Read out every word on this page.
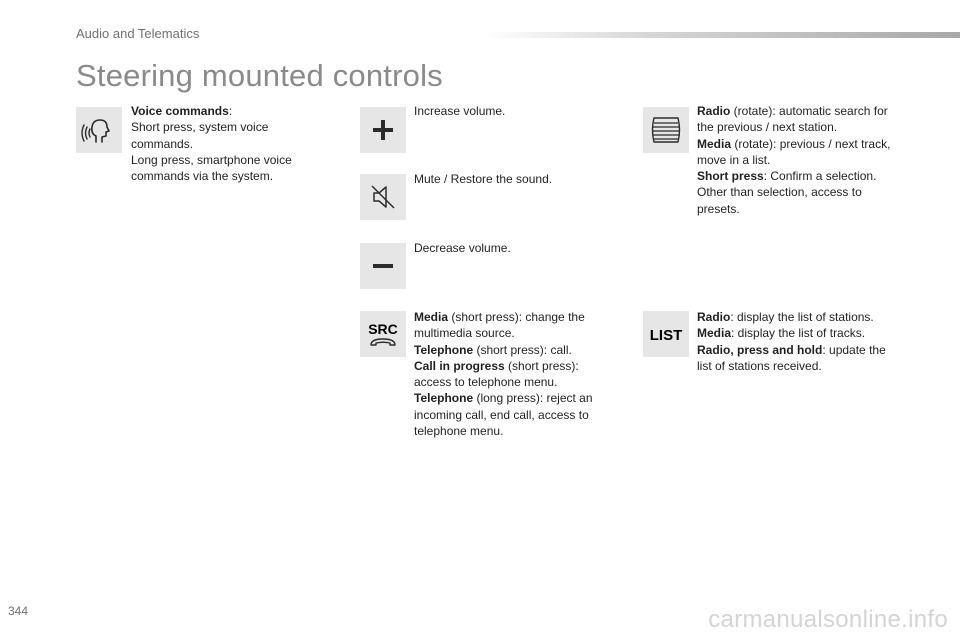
Audio and Telematics
Steering mounted controls
Voice commands:
Short press, system voice commands.
Long press, smartphone voice commands via the system.
Increase volume.
Mute / Restore the sound.
Decrease volume.
SRC
Media (short press): change the multimedia source.
Telephone (short press): call.
Call in progress (short press): access to telephone menu.
Telephone (long press): reject an incoming call, end call, access to telephone menu.
Radio (rotate): automatic search for the previous / next station.
Media (rotate): previous / next track, move in a list.
Short press: Confirm a selection. Other than selection, access to presets.
LIST
Radio: display the list of stations.
Media: display the list of tracks.
Radio, press and hold: update the list of stations received.
344	carmanualsonline.info
